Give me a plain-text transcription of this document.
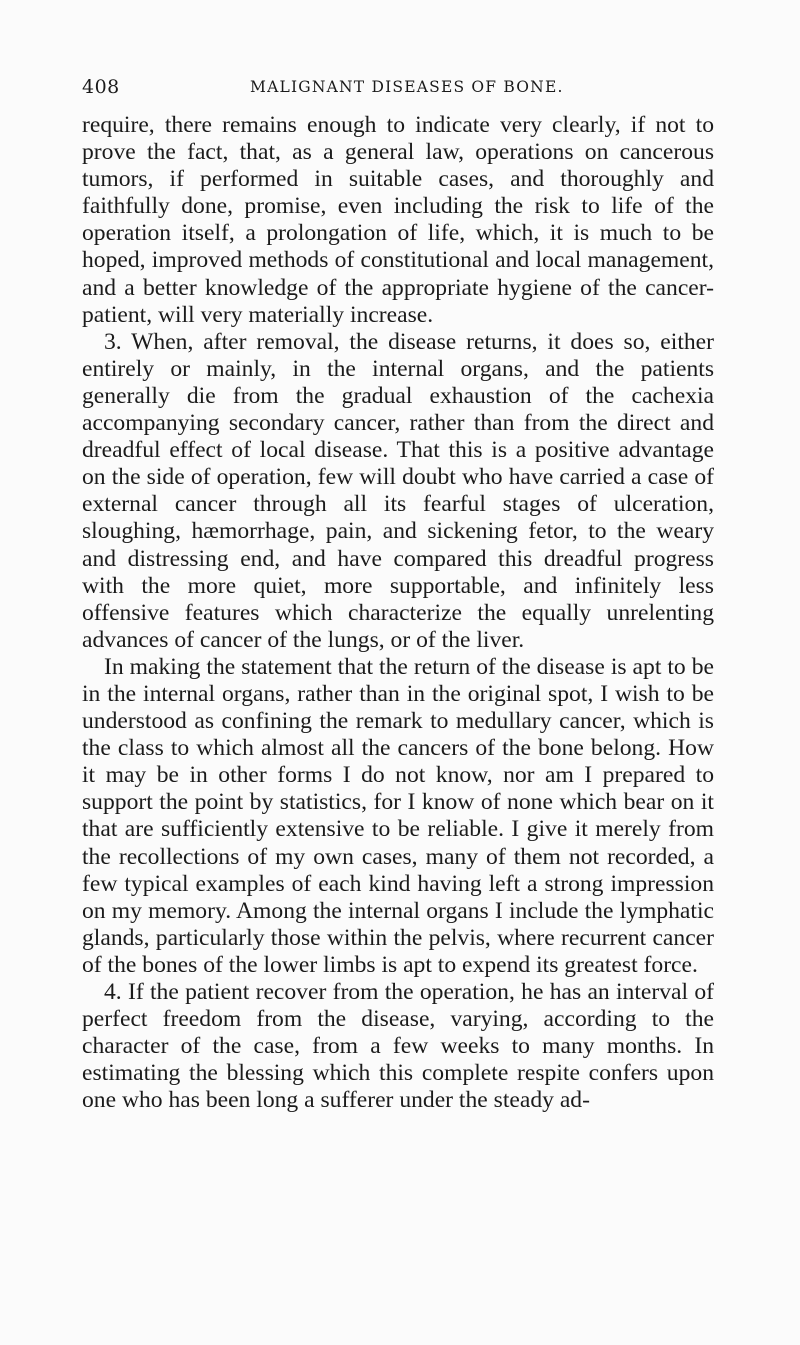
408	MALIGNANT DISEASES OF BONE.

require, there remains enough to indicate very clearly, if not to prove the fact, that, as a general law, operations on cancerous tumors, if performed in suitable cases, and thoroughly and faithfully done, promise, even including the risk to life of the operation itself, a prolongation of life, which, it is much to be hoped, improved methods of constitutional and local management, and a better knowledge of the appropriate hygiene of the cancer-patient, will very materially increase.

3. When, after removal, the disease returns, it does so, either entirely or mainly, in the internal organs, and the patients generally die from the gradual exhaustion of the cachexia accompanying secondary cancer, rather than from the direct and dreadful effect of local disease. That this is a positive advantage on the side of operation, few will doubt who have carried a case of external cancer through all its fearful stages of ulceration, sloughing, hæmorrhage, pain, and sickening fetor, to the weary and distressing end, and have compared this dreadful progress with the more quiet, more supportable, and infinitely less offensive features which characterize the equally unrelenting advances of cancer of the lungs, or of the liver.

In making the statement that the return of the disease is apt to be in the internal organs, rather than in the original spot, I wish to be understood as confining the remark to medullary cancer, which is the class to which almost all the cancers of the bone belong. How it may be in other forms I do not know, nor am I prepared to support the point by statistics, for I know of none which bear on it that are sufficiently extensive to be reliable. I give it merely from the recollections of my own cases, many of them not recorded, a few typical examples of each kind having left a strong impression on my memory. Among the internal organs I include the lymphatic glands, particularly those within the pelvis, where recurrent cancer of the bones of the lower limbs is apt to expend its greatest force.

4. If the patient recover from the operation, he has an interval of perfect freedom from the disease, varying, according to the character of the case, from a few weeks to many months. In estimating the blessing which this complete respite confers upon one who has been long a sufferer under the steady ad-
